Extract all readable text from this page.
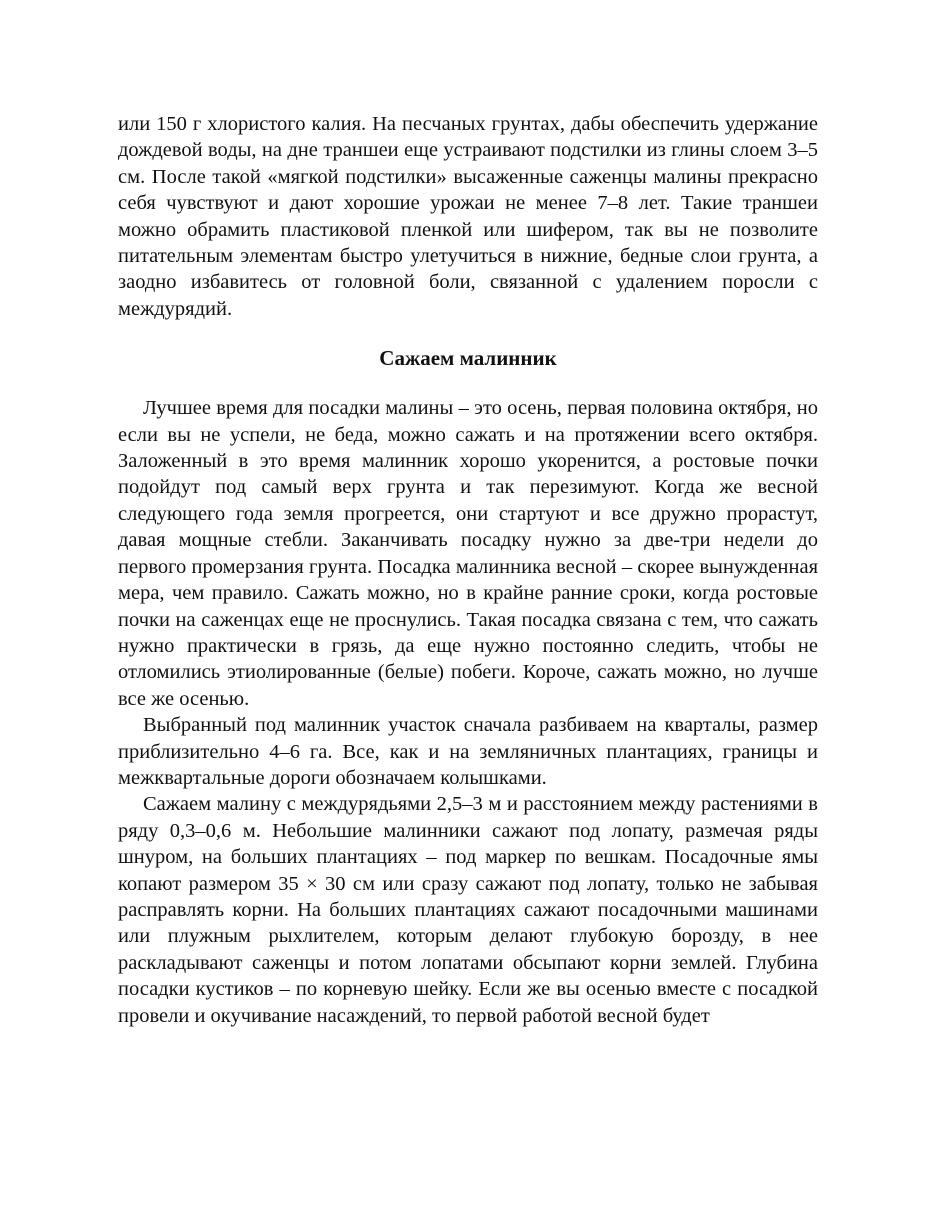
или 150 г хлористого калия. На песчаных грунтах, дабы обеспечить удержание дождевой воды, на дне траншеи еще устраивают подстилки из глины слоем 3–5 см. После такой «мягкой подстилки» высаженные саженцы малины прекрасно себя чувствуют и дают хорошие урожаи не менее 7–8 лет. Такие траншеи можно обрамить пластиковой пленкой или шифером, так вы не позволите питательным элементам быстро улетучиться в нижние, бедные слои грунта, а заодно избавитесь от головной боли, связанной с удалением поросли с междурядий.

Сажаем малинник

Лучшее время для посадки малины – это осень, первая половина октября, но если вы не успели, не беда, можно сажать и на протяжении всего октября. Заложенный в это время малинник хорошо укоренится, а ростовые почки подойдут под самый верх грунта и так перезимуют. Когда же весной следующего года земля прогреется, они стартуют и все дружно прорастут, давая мощные стебли. Заканчивать посадку нужно за две-три недели до первого промерзания грунта. Посадка малинника весной – скорее вынужденная мера, чем правило. Сажать можно, но в крайне ранние сроки, когда ростовые почки на саженцах еще не проснулись. Такая посадка связана с тем, что сажать нужно практически в грязь, да еще нужно постоянно следить, чтобы не отломились этиолированные (белые) побеги. Короче, сажать можно, но лучше все же осенью.

Выбранный под малинник участок сначала разбиваем на кварталы, размер приблизительно 4–6 га. Все, как и на земляничных плантациях, границы и межквартальные дороги обозначаем колышками.

Сажаем малину с междурядьями 2,5–3 м и расстоянием между растениями в ряду 0,3–0,6 м. Небольшие малинники сажают под лопату, размечая ряды шнуром, на больших плантациях – под маркер по вешкам. Посадочные ямы копают размером 35 × 30 см или сразу сажают под лопату, только не забывая расправлять корни. На больших плантациях сажают посадочными машинами или плужным рыхлителем, которым делают глубокую борозду, в нее раскладывают саженцы и потом лопатами обсыпают корни землей. Глубина посадки кустиков – по корневую шейку. Если же вы осенью вместе с посадкой провели и окучивание насаждений, то первой работой весной будет
